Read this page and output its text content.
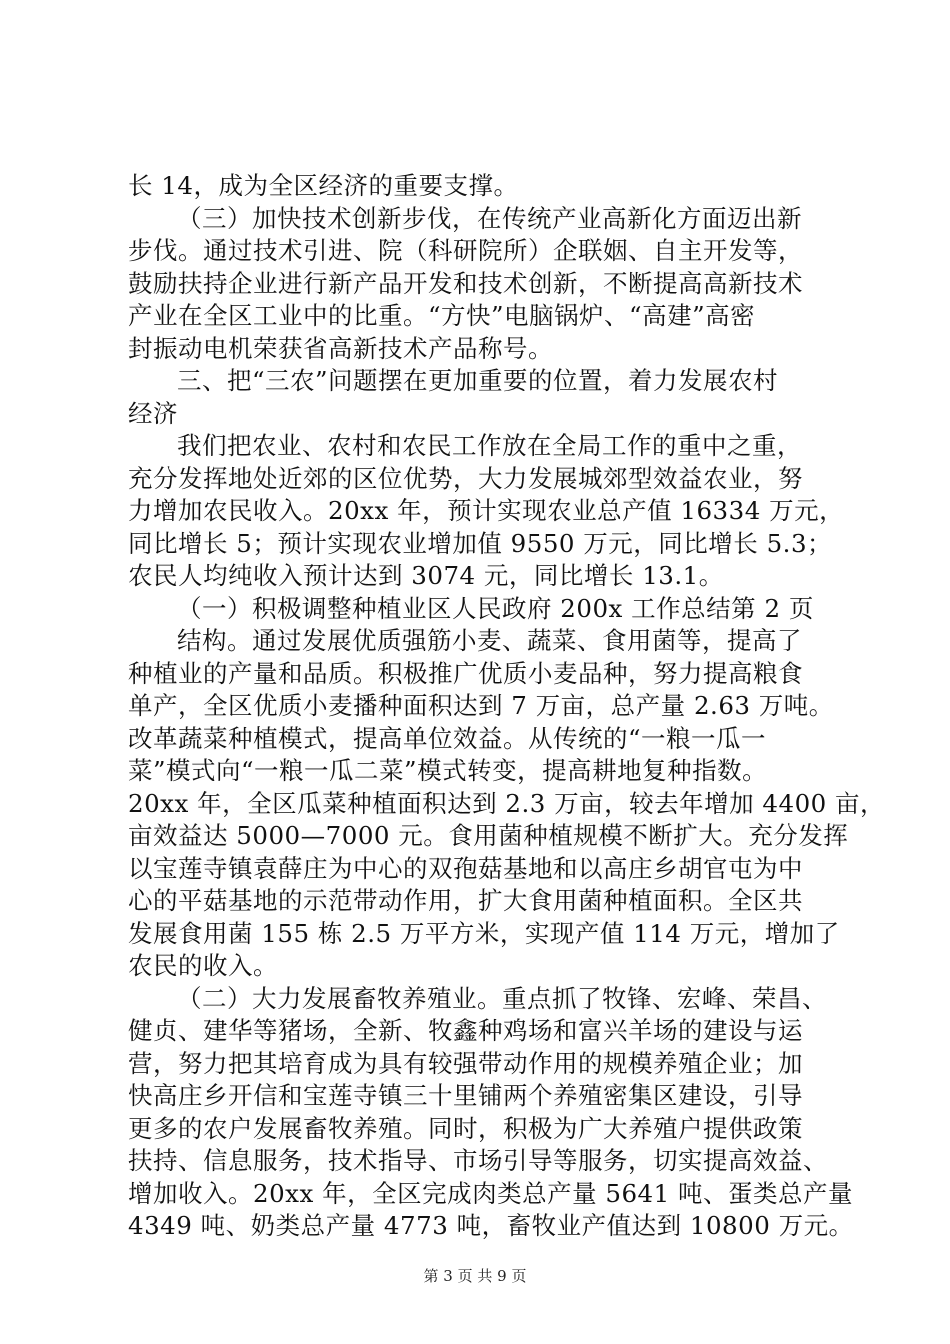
长 14，成为全区经济的重要支撑。
（三）加快技术创新步伐，在传统产业高新化方面迈出新
步伐。通过技术引进、院（科研院所）企联姻、自主开发等，
鼓励扶持企业进行新产品开发和技术创新，不断提高高新技术
产业在全区工业中的比重。“方快”电脑锅炉、“高建”高密
封振动电机荣获省高新技术产品称号。
三、把“三农”问题摆在更加重要的位置，着力发展农村
经济
我们把农业、农村和农民工作放在全局工作的重中之重，
充分发挥地处近郊的区位优势，大力发展城郊型效益农业，努
力增加农民收入。20xx 年，预计实现农业总产值 16334 万元，
同比增长 5；预计实现农业增加值 9550 万元，同比增长 5.3；
农民人均纯收入预计达到 3074 元，同比增长 13.1。
（一）积极调整种植业区人民政府 200x 工作总结第 2 页
结构。通过发展优质强筋小麦、蔬菜、食用菌等，提高了
种植业的产量和品质。积极推广优质小麦品种，努力提高粮食
单产，全区优质小麦播种面积达到 7 万亩，总产量 2.63 万吨。
改革蔬菜种植模式，提高单位效益。从传统的“一粮一瓜一
菜”模式向“一粮一瓜二菜”模式转变，提高耕地复种指数。
20xx 年，全区瓜菜种植面积达到 2.3 万亩，较去年增加 4400 亩，
亩效益达 5000—7000 元。食用菌种植规模不断扩大。充分发挥
以宝莲寺镇袁薛庄为中心的双孢菇基地和以高庄乡胡官屯为中
心的平菇基地的示范带动作用，扩大食用菌种植面积。全区共
发展食用菌 155 栋 2.5 万平方米，实现产值 114 万元，增加了
农民的收入。
（二）大力发展畜牧养殖业。重点抓了牧锋、宏峰、荣昌、
健贞、建华等猪场，全新、牧鑫种鸡场和富兴羊场的建设与运
营，努力把其培育成为具有较强带动作用的规模养殖企业；加
快高庄乡开信和宝莲寺镇三十里铺两个养殖密集区建设，引导
更多的农户发展畜牧养殖。同时，积极为广大养殖户提供政策
扶持、信息服务，技术指导、市场引导等服务，切实提高效益、
增加收入。20xx 年，全区完成肉类总产量 5641 吨、蛋类总产量
4349 吨、奶类总产量 4773 吨，畜牧业产值达到 10800 万元。
第 3 页 共 9 页
